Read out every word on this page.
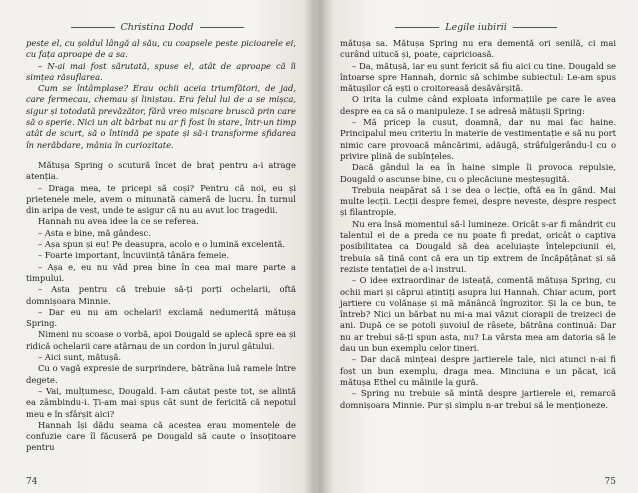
Christina Dodd

peste el, cu șoldul lângă al său, cu coapsele peste picioarele ei, cu fața aproape de a sa.

– N-ai mai fost sărutată, spuse el, atât de aproape că îi simțea răsuflarea.

Cum se întâmplase? Erau ochii aceia triumfători, de jad, care fermecau, chemau și liniștau. Era felul lui de a se mișca, sigur și totodată prevăzător, fără vreo mișcare bruscă prin care să o sperie. Nici un alt bărbat nu ar fi fost în stare, într-un timp atât de scurt, să o întindă pe spate și să-i transforme sfidarea în nerăbdare, mânia în curiozitate.

Mătușa Spring o scutură încet de braț pentru a-i atrage atenția.

– Draga mea, te pricepi să coși? Pentru că noi, eu și prietenele mele, avem o minunată cameră de lucru. În turnul din aripa de vest, unde te asigur că nu au avut loc tragedii.

Hannah nu avea idee la ce se referea.

– Asta e bine, mă gândesc.

– Așa spun și eu! Pe deasupra, acolo e o lumină excelentă.

– Foarte important, încuviință tânăra femeie.

– Așa e, eu nu văd prea bine în cea mai mare parte a timpului.

– Asta pentru că trebuie să-ți porți ochelarii, oftă domnișoara Minnie.

– Dar eu nu am ochelari! exclamă nedumerită mătușa Spring.

Nimeni nu scoase o vorbă, apoi Dougald se aplecă spre ea și ridică ochelarii care atârnau de un cordon în jurul gâtului.

– Aici sunt, mătușă.

Cu o vagă expresie de surprindere, bătrâna luă ramele între degete.

– Vai, mulțumesc, Dougald. I-am căutat peste tot, se alintă ea zâmbindu-i. Ți-am mai spus cât sunt de fericită că nepotul meu e în sfârșit aici?

Hannah își dădu seama că acestea erau momentele de confuzie care îl făcuseră pe Dougald să caute o însoțitoare pentru

74
Legile iubirii

mătușa sa. Mătușa Spring nu era dementă ori senilă, ci mai curând uitucă și, poate, capricioasă.

– Da, mătușă, iar eu sunt fericit să fiu aici cu tine. Dougald se întoarse spre Hannah, dornic să schimbe subiectul: Le-am spus mătușilor că ești o croitoreasă desăvârșită.

O irita la culme când exploata informațiile pe care le avea despre ea ca să o manipuleze. I se adresă mătușii Spring:

– Mă pricep la cusut, doamnă, dar nu mai fac haine. Principalul meu criteriu în materie de vestimentație e să nu port nimic care provoacă mâncărimi, adăugă, strâfulgerându-l cu o privire plină de subînțeles.

Dacă gândul la ea în haine simple îi provoca repulsie, Dougald o ascunse bine, cu o plecăciune meșteșugită.

Trebuia neapărat să i se dea o lecție, oftă ea în gând. Mai multe lecții. Lecții despre femei, despre neveste, despre respect și filantropie.

Nu era însă momentul să-l lumineze. Oricât s-ar fi mândrit cu talentul ei de a preda ce nu poate fi predat, oricât o captiva posibilitatea ca Dougald să dea aceluiaște înțelepciunii ei, trebuia să țină cont că era un tip extrem de încăpățânat și să reziste tentației de a-l instrui.

– O idee extraordinar de isteață, comentă mătușa Spring, cu ochii mari și căprui ațintiți asupra lui Hannah. Chiar acum, port jartiere cu volănașe și mă mănâncă îngrozitor. Și la ce bun, te întreb? Nici un bărbat nu mi-a mai văzut ciorapii de treizeci de ani. După ce se potoli șuvoiul de râsete, bătrâna continuă: Dar nu ar trebui să-ți spun asta, nu? La vârsta mea am datoria să le dau un bun exemplu celor tineri.

– Dar dacă mințeai despre jartierele tale, nici atunci n-ai fi fost un bun exemplu, draga mea. Minciuna e un păcat, ică mătușa Ethel cu mâinile la gură.

– Spring nu trebuie să mintă despre jartierele ei, remarcă domnișoara Minnie. Pur și simplu n-ar trebui să le menționeze.

75
